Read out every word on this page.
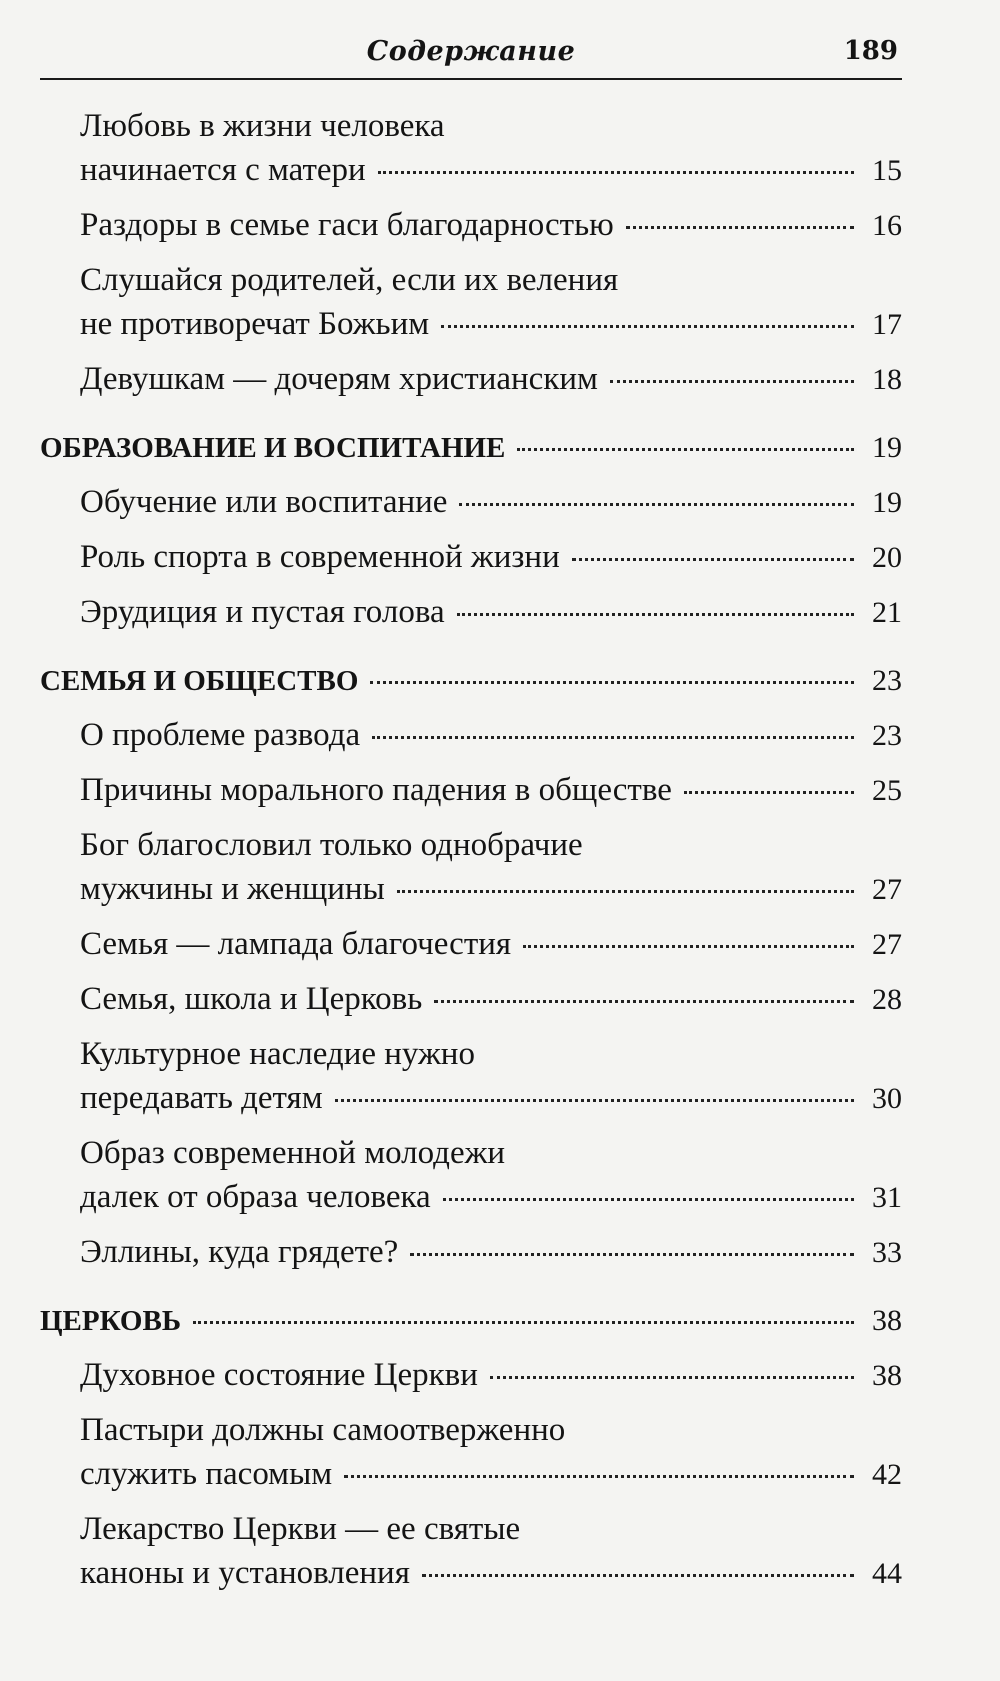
Содержание	189
Любовь в жизни человека
начинается с матери	15
Раздоры в семье гаси благодарностью	16
Слушайся родителей, если их веления
не противоречат Божьим	17
Девушкам — дочерям христианским	18
ОБРАЗОВАНИЕ И ВОСПИТАНИЕ	19
Обучение или воспитание	19
Роль спорта в современной жизни	20
Эрудиция и пустая голова	21
СЕМЬЯ И ОБЩЕСТВО	23
О проблеме развода	23
Причины морального падения в обществе	25
Бог благословил только однобрачие
мужчины и женщины	27
Семья — лампада благочестия	27
Семья, школа и Церковь	28
Культурное наследие нужно
передавать детям	30
Образ современной молодежи
далек от образа человека	31
Эллины, куда грядете?	33
ЦЕРКОВЬ	38
Духовное состояние Церкви	38
Пастыри должны самоотверженно
служить пасомым	42
Лекарство Церкви — ее святые
каноны и установления	44
